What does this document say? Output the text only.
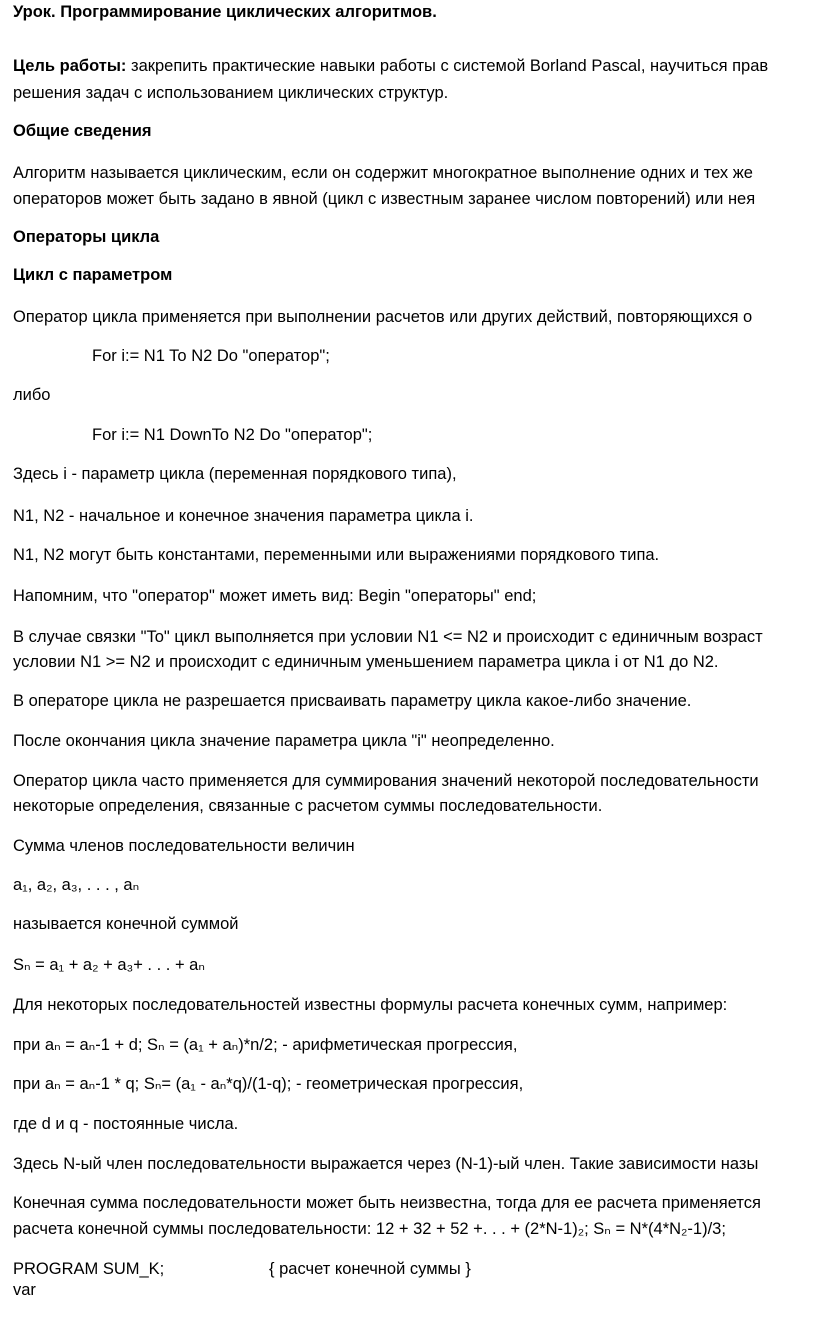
Урок. Программирование циклических алгоритмов.
Цель работы: закрепить практические навыки работы с системой Borland Pascal, научиться прав
решения задач с использованием циклических структур.
Общие сведения
Алгоритм называется циклическим, если он содержит многократное выполнение одних и тех же
операторов может быть задано в явной (цикл с известным заранее числом повторений) или нея
Операторы цикла
Цикл с параметром
Оператор цикла применяется при выполнении расчетов или других действий, повторяющихся о
For i:= N1 To N2 Do "оператор";
либо
For i:= N1 DownTo N2 Do "оператор";
Здесь i - параметр цикла (переменная порядкового типа),
N1, N2 - начальное и конечное значения параметра цикла i.
N1, N2 могут быть константами, переменными или выражениями порядкового типа.
Напомним, что "оператор" может иметь вид: Begin "операторы" end;
В случае связки "To" цикл выполняется при условии N1 <= N2 и происходит с единичным возраст
условии N1 >= N2 и происходит с единичным уменьшением параметра цикла i от N1 до N2.
В операторе цикла не разрешается присваивать параметру цикла какое-либо значение.
После окончания цикла значение параметра цикла "i" неопределенно.
Оператор цикла часто применяется для суммирования значений некоторой последовательности
некоторые определения, связанные с расчетом суммы последовательности.
Сумма членов последовательности величин
a₁, a₂, a₃, . . . , aₙ
называется конечной суммой
Sₙ = a₁ + a₂ + a₃+ . . . + aₙ
Для некоторых последовательностей известны формулы расчета конечных сумм, например:
при aₙ = aₙ-1 + d; Sₙ = (a₁ + aₙ)*n/2; - арифметическая прогрессия,
при aₙ = aₙ-1 * q; Sₙ= (a₁ - aₙ*q)/(1-q); - геометрическая прогрессия,
где d и q - постоянные числа.
Здесь N-ый член последовательности выражается через (N-1)-ый член. Такие зависимости назы
Конечная сумма последовательности может быть неизвестна, тогда для ее расчета применяется
расчета конечной суммы последовательности: 12 + 32 + 52 +. . . + (2*N-1)₂; Sₙ = N*(4*N₂-1)/3;
PROGRAM SUM_K;	{ расчет конечной суммы }
var
